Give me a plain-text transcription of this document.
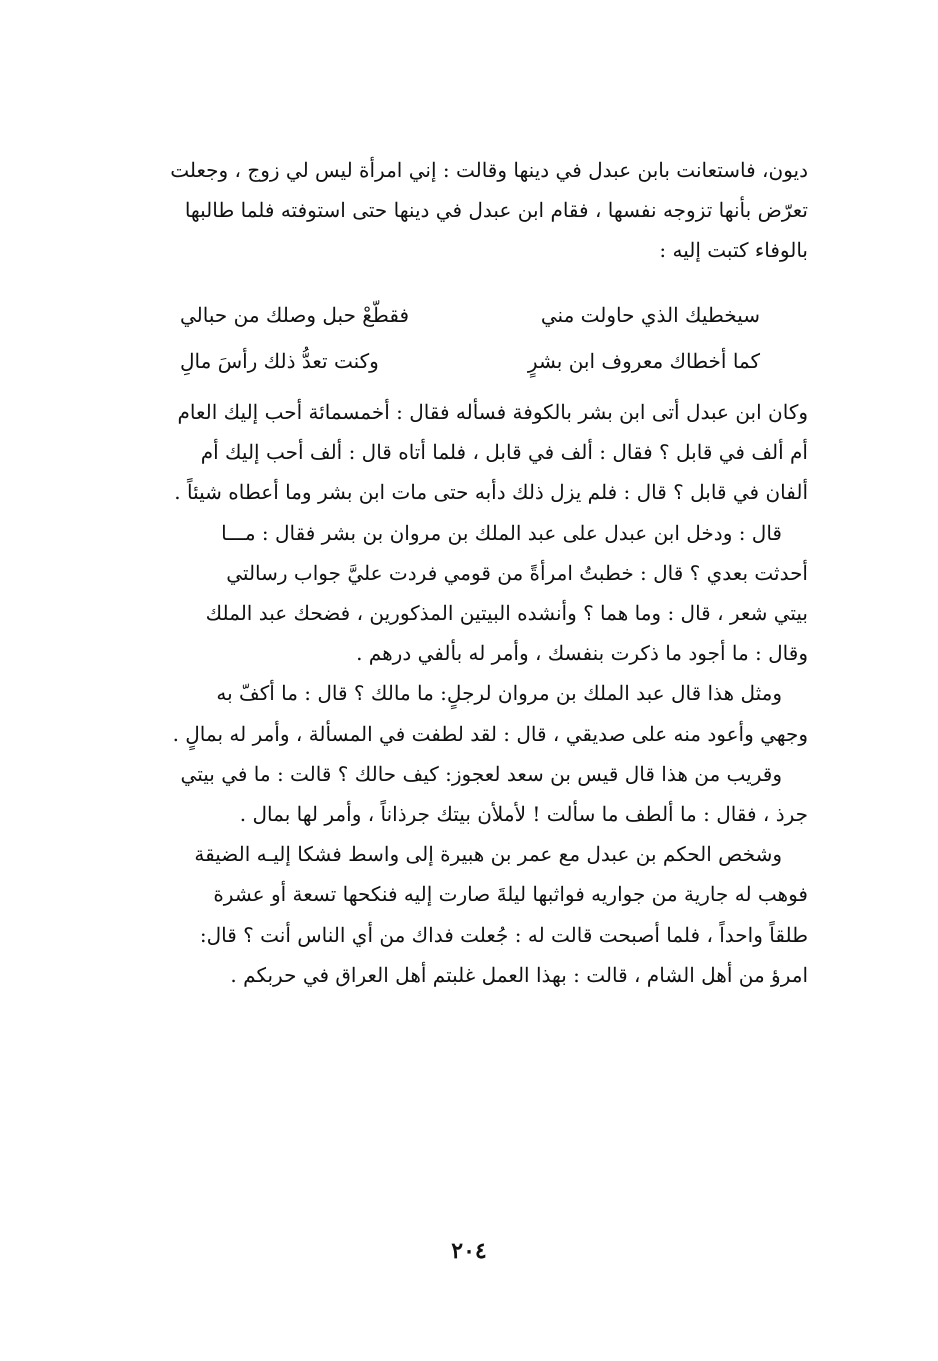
ديون، فاستعانت بابن عبدل في دينها وقالت : إني امرأة ليس لي زوج ، وجعلت
تعرّض بأنها تزوجه نفسها ، فقام ابن عبدل في دينها حتى استوفته فلما طالبها
بالوفاء كتبت إليه :
سيخطيك الذي حاولت مني
فقطّعْ حبل وصلك من حبالي
كما أخطاك معروف ابن بشرٍ
وكنت تعدُّ ذلك رأسَ مالِ
وكان ابن عبدل أتى ابن بشر بالكوفة فسأله فقال : أخمسمائة أحب إليك العام
أم ألف في قابل ؟ فقال : ألف في قابل ، فلما أتاه قال : ألف أحب إليك أم
ألفان في قابل ؟ قال : فلم يزل ذلك دأبه حتى مات ابن بشر وما أعطاه شيئاً .
قال : ودخل ابن عبدل على عبد الملك بن مروان بن بشر فقال : مـــا
أحدثت بعدي ؟ قال : خطبتُ امرأةً من قومي فردت عليَّ جواب رسالتي
بيتي شعر ، قال : وما هما ؟ وأنشده البيتين المذكورين ، فضحك عبد الملك
وقال : ما أجود ما ذكرت بنفسك ، وأمر له بألفي درهم .
ومثل هذا قال عبد الملك بن مروان لرجلٍ: ما مالك ؟ قال : ما أكفّ به
وجهي وأعود منه على صديقي ، قال : لقد لطفت في المسألة ، وأمر له بمالٍ .
وقريب من هذا قال قيس بن سعد لعجوز: كيف حالك ؟ قالت : ما في بيتي
جرذ ، فقال : ما ألطف ما سألت ! لأملأن بيتك جرذاناً ، وأمر لها بمال .
وشخص الحكم بن عبدل مع عمر بن هبيرة إلى واسط فشكا إليـه الضيقة
فوهب له جارية من جواريه فواثبها ليلةَ صارت إليه فنكحها تسعة أو عشرة
طلقاً واحداً ، فلما أصبحت قالت له : جُعلت فداك من أي الناس أنت ؟ قال:
امرؤ من أهل الشام ، قالت : بهذا العمل غلبتم أهل العراق في حربكم .
٢٠٤
